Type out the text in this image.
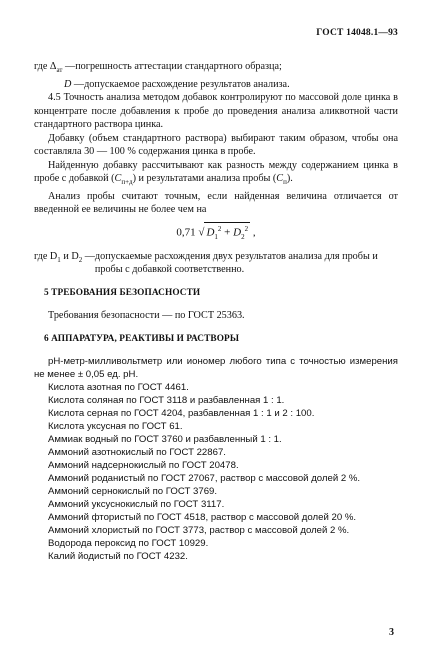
ГОСТ 14048.1—93
где $\Delta_{ат}$ — погрешность аттестации стандартного образца;
D — допускаемое расхождение результатов анализа.

4.5 Точность анализа методом добавок контролируют по массовой доле цинка в концентрате после добавления к пробе до проведения анализа аликвотной части стандартного раствора цинка.

Добавку (объем стандартного раствора) выбирают таким образом, чтобы она составляла 30 — 100 % содержания цинка в пробе.

Найденную добавку рассчитывают как разность между содержанием цинка в пробе с добавкой $(C_{п+д})$ и результатами анализа пробы $(C_п)$.

Анализ пробы считают точным, если найденная величина отличается от введенной ее величины не более чем на

0,71 √ $D_1^2 + D_2^2$ ,
где $D_1$ и $D_2$ — допускаемые расхождения двух результатов анализа для пробы и пробы с добавкой соответственно.
5 ТРЕБОВАНИЯ БЕЗОПАСНОСТИ

Требования безопасности — по ГОСТ 25363.

6 АППАРАТУРА, РЕАКТИВЫ И РАСТВОРЫ

рН-метр-милливольтметр или иономер любого типа с точностью измерения не менее ± 0,05 ед. рН.

Кислота азотная по ГОСТ 4461.

Кислота соляная по ГОСТ 3118 и разбавленная 1 : 1.

Кислота серная по ГОСТ 4204, разбавленная 1 : 1 и 2 : 100.

Кислота уксусная по ГОСТ 61.

Аммиак водный по ГОСТ 3760 и разбавленный 1 : 1.

Аммоний азотнокислый по ГОСТ 22867.

Аммоний надсернокислый по ГОСТ 20478.

Аммоний роданистый по ГОСТ 27067, раствор с массовой долей 2 %.

Аммоний сернокислый по ГОСТ 3769.

Аммоний уксуснокислый по ГОСТ 3117.

Аммоний фтористый по ГОСТ 4518, раствор с массовой долей 20 %.

Аммоний хлористый по ГОСТ 3773, раствор с массовой долей 2 %.

Водорода пероксид по ГОСТ 10929.

Калий йодистый по ГОСТ 4232.

3
